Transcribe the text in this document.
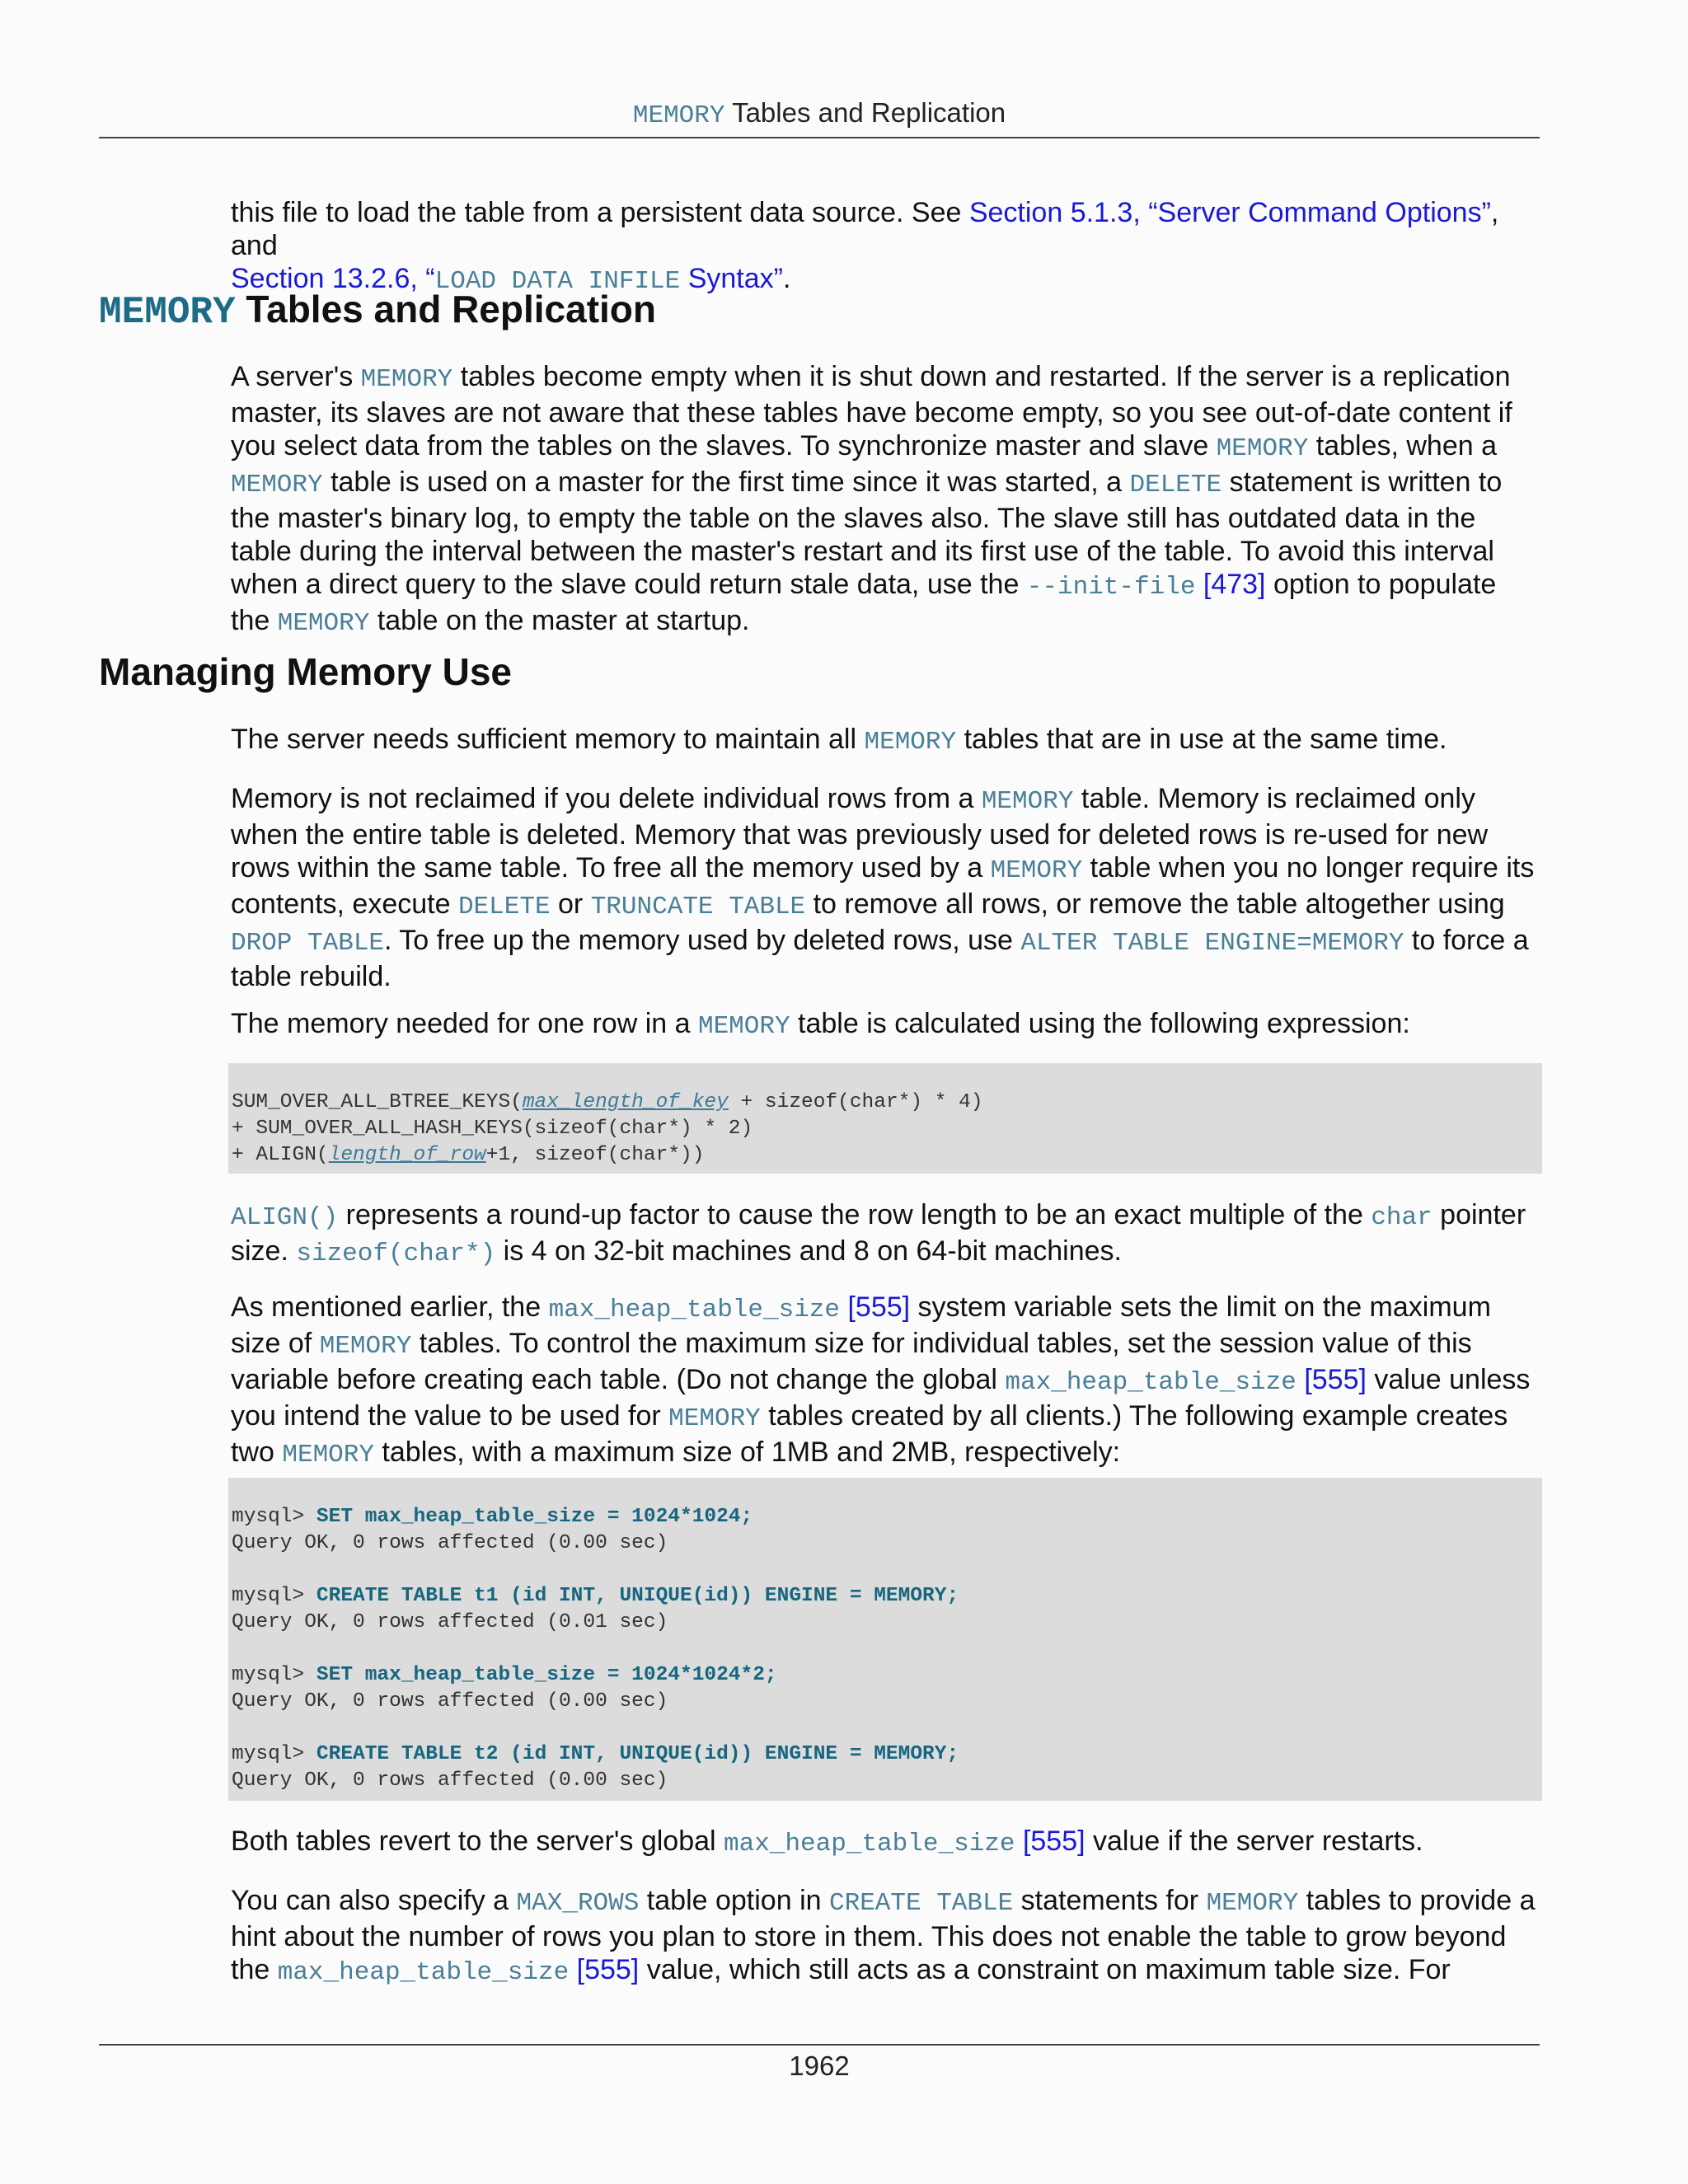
MEMORY Tables and Replication

this file to load the table from a persistent data source. See Section 5.1.3, “Server Command Options”, and
Section 13.2.6, “LOAD DATA INFILE Syntax”.

MEMORY Tables and Replication

A server's MEMORY tables become empty when it is shut down and restarted. If the server is a replication master, its slaves are not aware that these tables have become empty, so you see out-of-date content if you select data from the tables on the slaves. To synchronize master and slave MEMORY tables, when a MEMORY table is used on a master for the first time since it was started, a DELETE statement is written to the master's binary log, to empty the table on the slaves also. The slave still has outdated data in the table during the interval between the master's restart and its first use of the table. To avoid this interval when a direct query to the slave could return stale data, use the --init-file [473] option to populate the MEMORY table on the master at startup.

Managing Memory Use

The server needs sufficient memory to maintain all MEMORY tables that are in use at the same time.

Memory is not reclaimed if you delete individual rows from a MEMORY table. Memory is reclaimed only when the entire table is deleted. Memory that was previously used for deleted rows is re-used for new rows within the same table. To free all the memory used by a MEMORY table when you no longer require its contents, execute DELETE or TRUNCATE TABLE to remove all rows, or remove the table altogether using DROP TABLE. To free up the memory used by deleted rows, use ALTER TABLE ENGINE=MEMORY to force a table rebuild.

The memory needed for one row in a MEMORY table is calculated using the following expression:

SUM_OVER_ALL_BTREE_KEYS(max_length_of_key + sizeof(char*) * 4)
+ SUM_OVER_ALL_HASH_KEYS(sizeof(char*) * 2)
+ ALIGN(length_of_row+1, sizeof(char*))

ALIGN() represents a round-up factor to cause the row length to be an exact multiple of the char pointer size. sizeof(char*) is 4 on 32-bit machines and 8 on 64-bit machines.

As mentioned earlier, the max_heap_table_size [555] system variable sets the limit on the maximum size of MEMORY tables. To control the maximum size for individual tables, set the session value of this variable before creating each table. (Do not change the global max_heap_table_size [555] value unless you intend the value to be used for MEMORY tables created by all clients.) The following example creates two MEMORY tables, with a maximum size of 1MB and 2MB, respectively:

mysql> SET max_heap_table_size = 1024*1024;
Query OK, 0 rows affected (0.00 sec)

mysql> CREATE TABLE t1 (id INT, UNIQUE(id)) ENGINE = MEMORY;
Query OK, 0 rows affected (0.01 sec)

mysql> SET max_heap_table_size = 1024*1024*2;
Query OK, 0 rows affected (0.00 sec)

mysql> CREATE TABLE t2 (id INT, UNIQUE(id)) ENGINE = MEMORY;
Query OK, 0 rows affected (0.00 sec)

Both tables revert to the server's global max_heap_table_size [555] value if the server restarts.

You can also specify a MAX_ROWS table option in CREATE TABLE statements for MEMORY tables to provide a hint about the number of rows you plan to store in them. This does not enable the table to grow beyond the max_heap_table_size [555] value, which still acts as a constraint on maximum table size. For

1962
